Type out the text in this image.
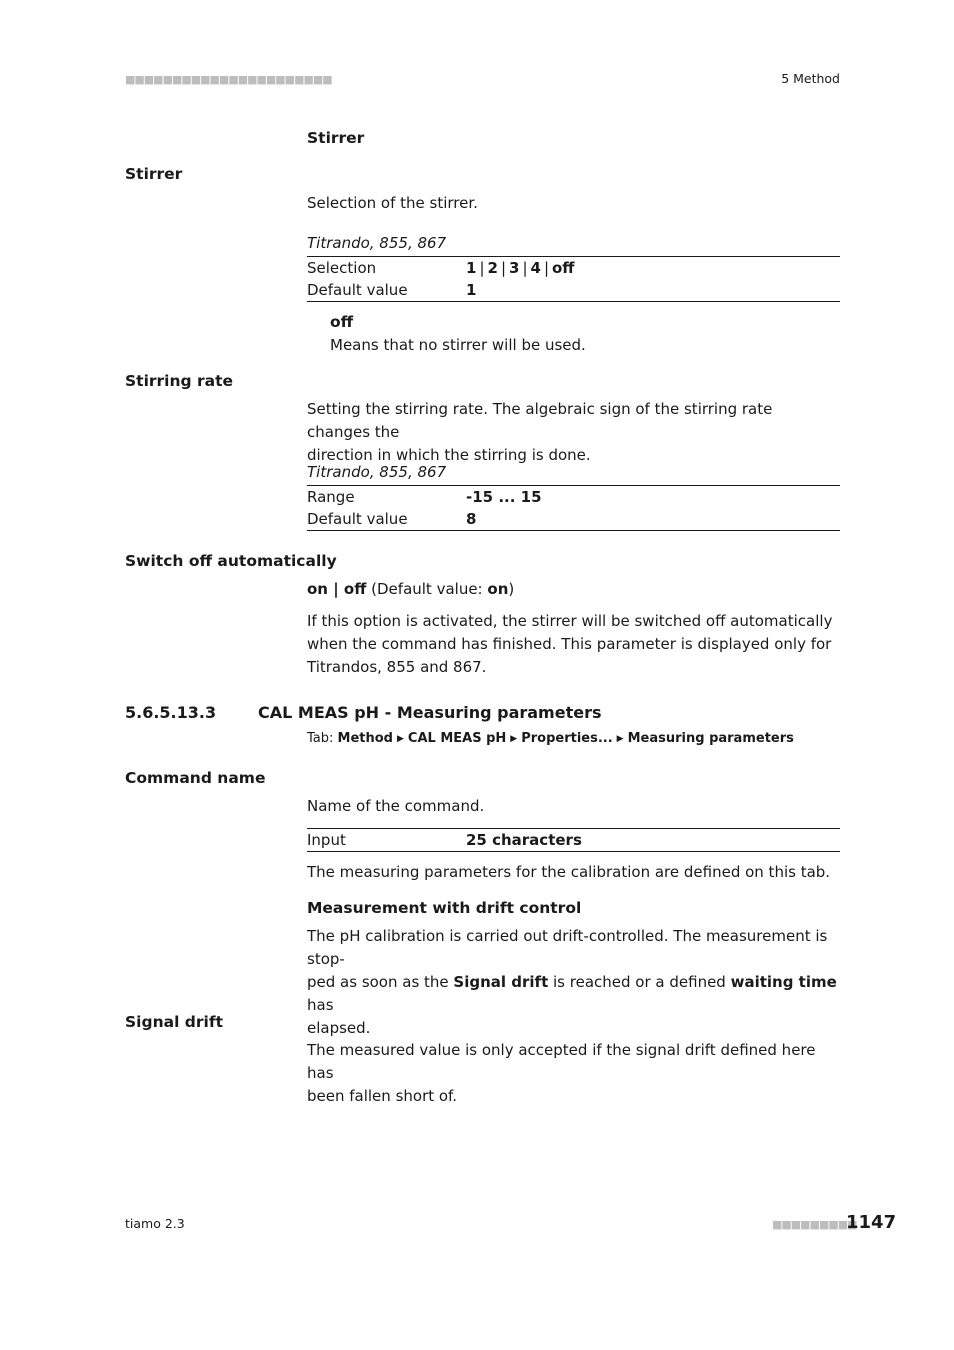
■■■■■■■■■■■■■■■■■■■■■■	5 Method
Stirrer
Stirrer
Selection of the stirrer.
Titrando, 855, 867
Selection	1 | 2 | 3 | 4 | off
Default value	1
off
Means that no stirrer will be used.
Stirring rate
Setting the stirring rate. The algebraic sign of the stirring rate changes the
direction in which the stirring is done.
Titrando, 855, 867
Range	-15 ... 15
Default value	8
Switch off automatically
on | off (Default value: on)
If this option is activated, the stirrer will be switched off automatically
when the command has finished. This parameter is displayed only for
Titrandos, 855 and 867.
5.6.5.13.3	CAL MEAS pH - Measuring parameters
Tab: Method ▶ CAL MEAS pH ▶ Properties... ▶ Measuring parameters
Command name
Name of the command.
Input	25 characters
The measuring parameters for the calibration are defined on this tab.
Measurement with drift control
The pH calibration is carried out drift-controlled. The measurement is stop-
ped as soon as the Signal drift is reached or a defined waiting time has
elapsed.
Signal drift
The measured value is only accepted if the signal drift defined here has
been fallen short of.
tiamo 2.3	■■■■■■■■■
1147
